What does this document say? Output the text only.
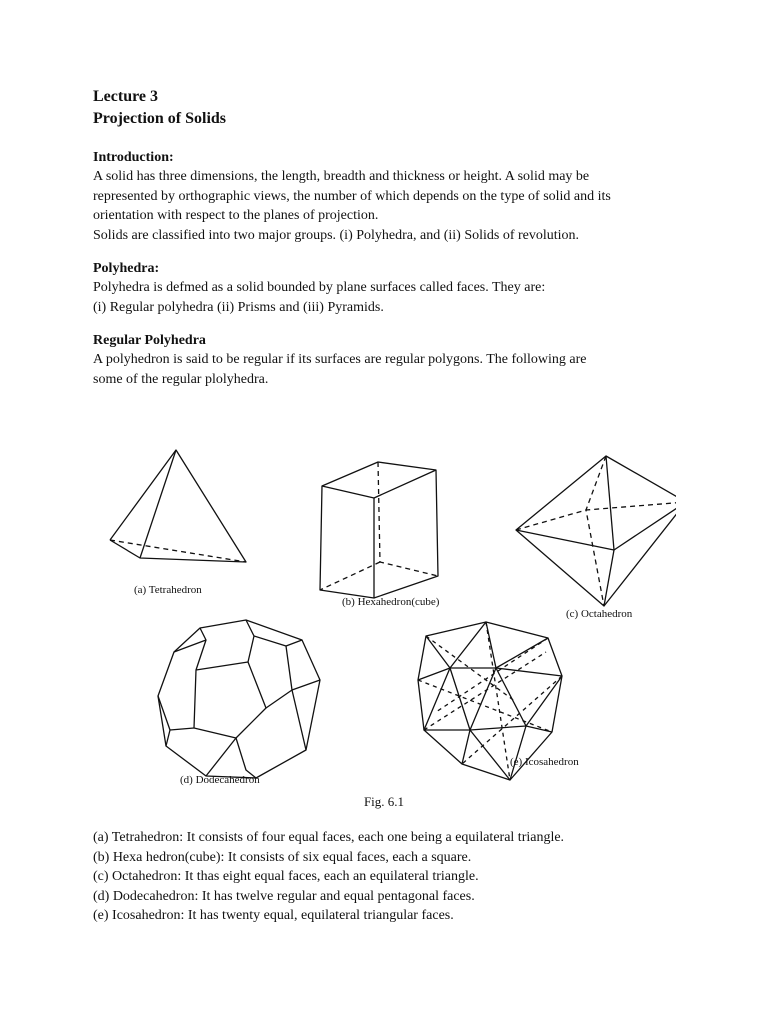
Lecture 3

Projection of Solids

Introduction:

A solid has three dimensions, the length, breadth and thickness or height. A solid may be

represented by orthographic views, the number of which depends on the type of solid and its

orientation with respect to the planes of projection.

Solids are classified into two major groups. (i) Polyhedra, and (ii) Solids of revolution.

Polyhedra:

Polyhedra is defmed as a solid bounded by plane surfaces called faces. They are:

(i) Regular polyhedra (ii) Prisms and (iii) Pyramids.

Regular Polyhedra

A polyhedron is said to be regular if its surfaces are regular polygons. The following are

some of the regular plolyhedra.

(a) Tetrahedron
(b) Hexahedron(cube)
(c) Octahedron
(d) Dodecahedron
(e) Icosahedron
Fig. 6.1

(a) Tetrahedron: It consists of four equal faces, each one being a equilateral triangle.

(b) Hexa hedron(cube): It consists of six equal faces, each a square.

(c) Octahedron: It thas eight equal faces, each an equilateral triangle.

(d) Dodecahedron: It has twelve regular and equal pentagonal faces.

(e) Icosahedron: It has twenty equal, equilateral triangular faces.
